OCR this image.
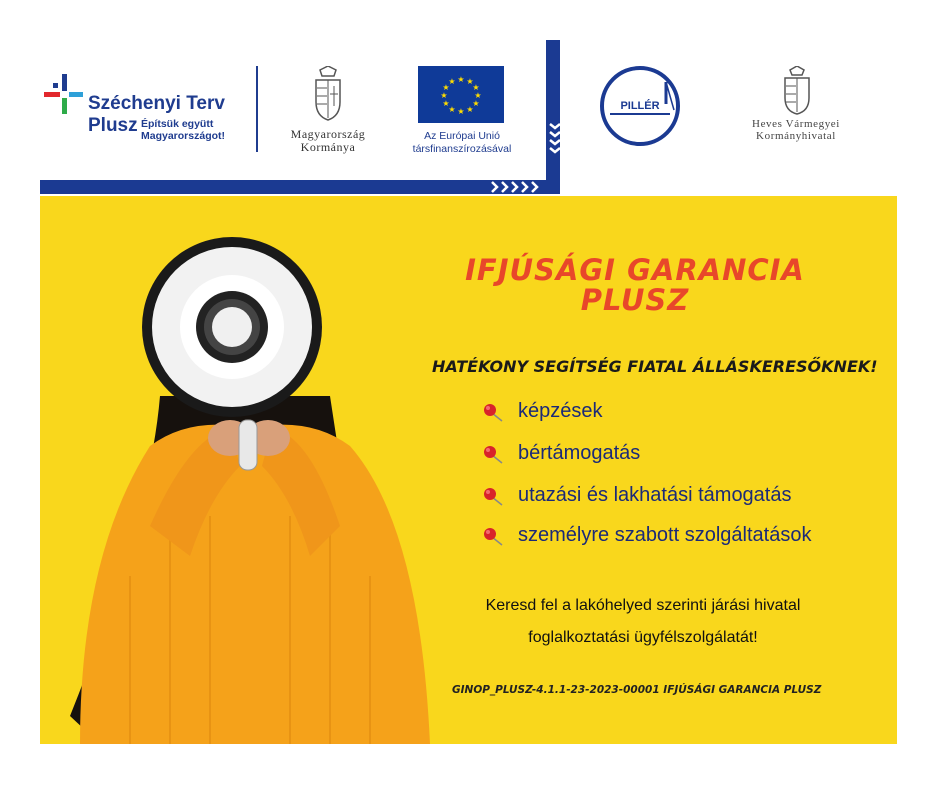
Széchenyi Terv
Plusz Építsük együtt
Magyarországot!	Magyarország
Kormánya
★ ★
★
★
★
★
★
★
★
★
★
★
Az Európai Unió
társfinanszírozásával
PILLÉR
Heves Vármegyei
Kormányhivatal
IFJÚSÁGI GARANCIA
PLUSZ
HATÉKONY SEGÍTSÉG FIATAL ÁLLÁSKERESŐKNEK!
képzések
bértámogatás
utazási és lakhatási támogatás
személyre szabott szolgáltatások
Keresd fel a lakóhelyed szerinti járási hivatal
foglalkoztatási ügyfélszolgálatát!
GINOP_PLUSZ-4.1.1-23-2023-00001 IFJÚSÁGI GARANCIA PLUSZ
